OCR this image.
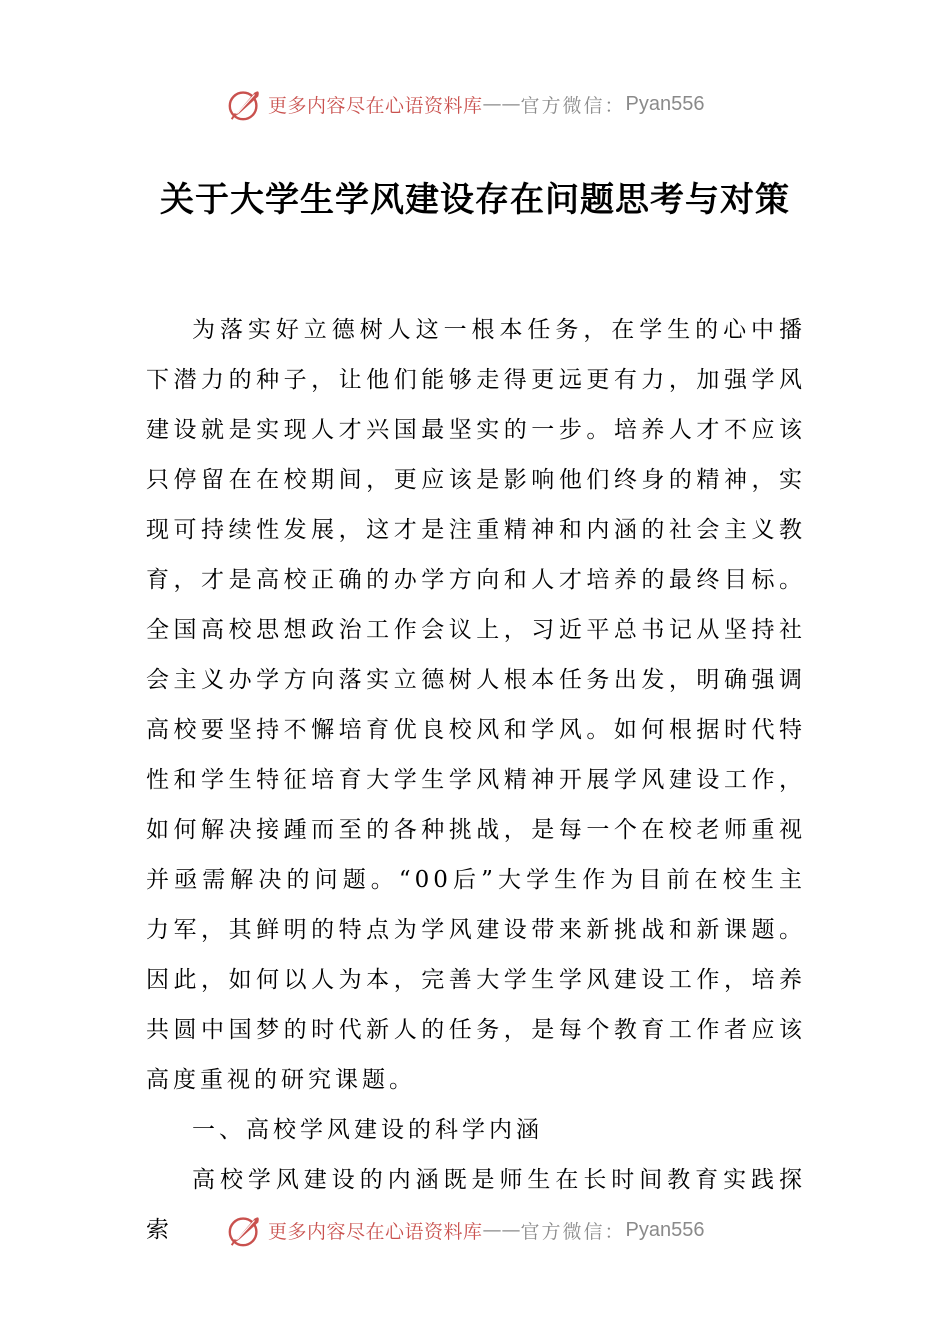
更多内容尽在心语资料库 —— 官方微信： Pyan556
关于大学生学风建设存在问题思考与对策

为落实好立德树人这一根本任务，在学生的心中播下潜力的种子，让他们能够走得更远更有力，加强学风建设就是实现人才兴国最坚实的一步。培养人才不应该只停留在在校期间，更应该是影响他们终身的精神，实现可持续性发展，这才是注重精神和内涵的社会主义教育，才是高校正确的办学方向和人才培养的最终目标。全国高校思想政治工作会议上，习近平总书记从坚持社会主义办学方向落实立德树人根本任务出发，明确强调高校要坚持不懈培育优良校风和学风。如何根据时代特性和学生特征培育大学生学风精神开展学风建设工作，如何解决接踵而至的各种挑战，是每一个在校老师重视并亟需解决的问题。“00后”大学生作为目前在校生主力军，其鲜明的特点为学风建设带来新挑战和新课题。因此，如何以人为本，完善大学生学风建设工作，培养共圆中国梦的时代新人的任务，是每个教育工作者应该高度重视的研究课题。

一、高校学风建设的科学内涵

高校学风建设的内涵既是师生在长时间教育实践探索	更多内容尽在心语资料库 —— 官方微信： Pyan556
